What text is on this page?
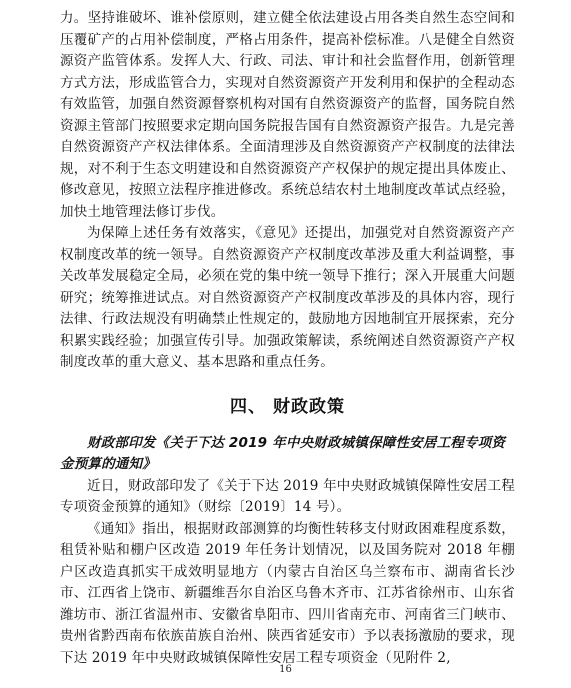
力。坚持谁破坏、谁补偿原则，建立健全依法建设占用各类自然生态空间和压覆矿产的占用补偿制度，严格占用条件，提高补偿标准。八是健全自然资源资产监管体系。发挥人大、行政、司法、审计和社会监督作用，创新管理方式方法，形成监管合力，实现对自然资源资产开发利用和保护的全程动态有效监管，加强自然资源督察机构对国有自然资源资产的监督，国务院自然资源主管部门按照要求定期向国务院报告国有自然资源资产报告。九是完善自然资源资产产权法律体系。全面清理涉及自然资源资产产权制度的法律法规，对不利于生态文明建设和自然资源资产产权保护的规定提出具体废止、修改意见，按照立法程序推进修改。系统总结农村土地制度改革试点经验，加快土地管理法修订步伐。

为保障上述任务有效落实，《意见》还提出，加强党对自然资源资产产权制度改革的统一领导。自然资源资产产权制度改革涉及重大利益调整，事关改革发展稳定全局，必须在党的集中统一领导下推行；深入开展重大问题研究；统筹推进试点。对自然资源资产产权制度改革涉及的具体内容，现行法律、行政法规没有明确禁止性规定的，鼓励地方因地制宜开展探索，充分积累实践经验；加强宣传引导。加强政策解读，系统阐述自然资源资产产权制度改革的重大意义、基本思路和重点任务。

四、 财政政策

财政部印发《关于下达 2019 年中央财政城镇保障性安居工程专项资金预算的通知》

近日，财政部印发了《关于下达 2019 年中央财政城镇保障性安居工程专项资金预算的通知》（财综〔2019〕14 号）。

《通知》指出，根据财政部测算的均衡性转移支付财政困难程度系数，租赁补贴和棚户区改造 2019 年任务计划情况，以及国务院对 2018 年棚户区改造真抓实干成效明显地方（内蒙古自治区乌兰察布市、湖南省长沙市、江西省上饶市、新疆维吾尔自治区乌鲁木齐市、江苏省徐州市、山东省潍坊市、浙江省温州市、安徽省阜阳市、四川省南充市、河南省三门峡市、贵州省黔西南布依族苗族自治州、陕西省延安市）予以表扬激励的要求，现下达 2019 年中央财政城镇保障性安居工程专项资金（见附件 2,

16
